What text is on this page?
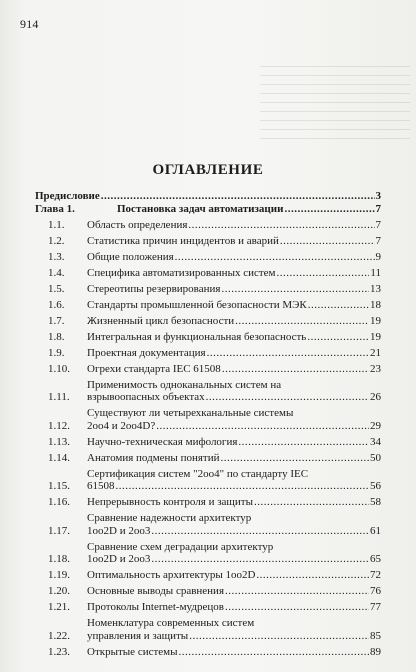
914
ОГЛАВЛЕНИЕ
Предисловие .....	3
Глава 1.	Постановка задач автоматизации .....	7
1.1.	Область определения .....	7
1.2.	Статистика причин инцидентов и аварий .....	7
1.3.	Общие положения .....	9
1.4.	Специфика автоматизированных систем .....	11
1.5.	Стереотипы резервирования .....	13
1.6.	Стандарты промышленной безопасности МЭК .....	18
1.7.	Жизненный цикл безопасности .....	19
1.8.	Интегральная и функциональная безопасность .....	19
1.9.	Проектная документация .....	21
1.10.	Огрехи стандарта IEC 61508 .....	23
1.11.
Применимость одноканальных систем на
взрывоопасных объектах .....	26
1.12.
Существуют ли четырехканальные системы
2oo4 и 2oo4D? .....	29
1.13.	Научно-техническая мифология .....	34
1.14.	Анатомия подмены понятий .....	50
1.15.
Сертификация систем "2oo4" по стандарту IEC
61508 .....	56
1.16.	Непрерывность контроля и защиты .....	58
1.17.
Сравнение надежности архитектур
1oo2D и 2oo3 .....	61
1.18.
Сравнение схем деградации архитектур
1oo2D и 2oo3 .....	65
1.19.	Оптимальность архитектуры 1oo2D .....	72
1.20.	Основные выводы сравнения .....	76
1.21.	Протоколы Internet-мудрецов .....	77
1.22.
Номенклатура современных систем
управления и защиты .....	85
1.23.	Открытые системы .....	89
